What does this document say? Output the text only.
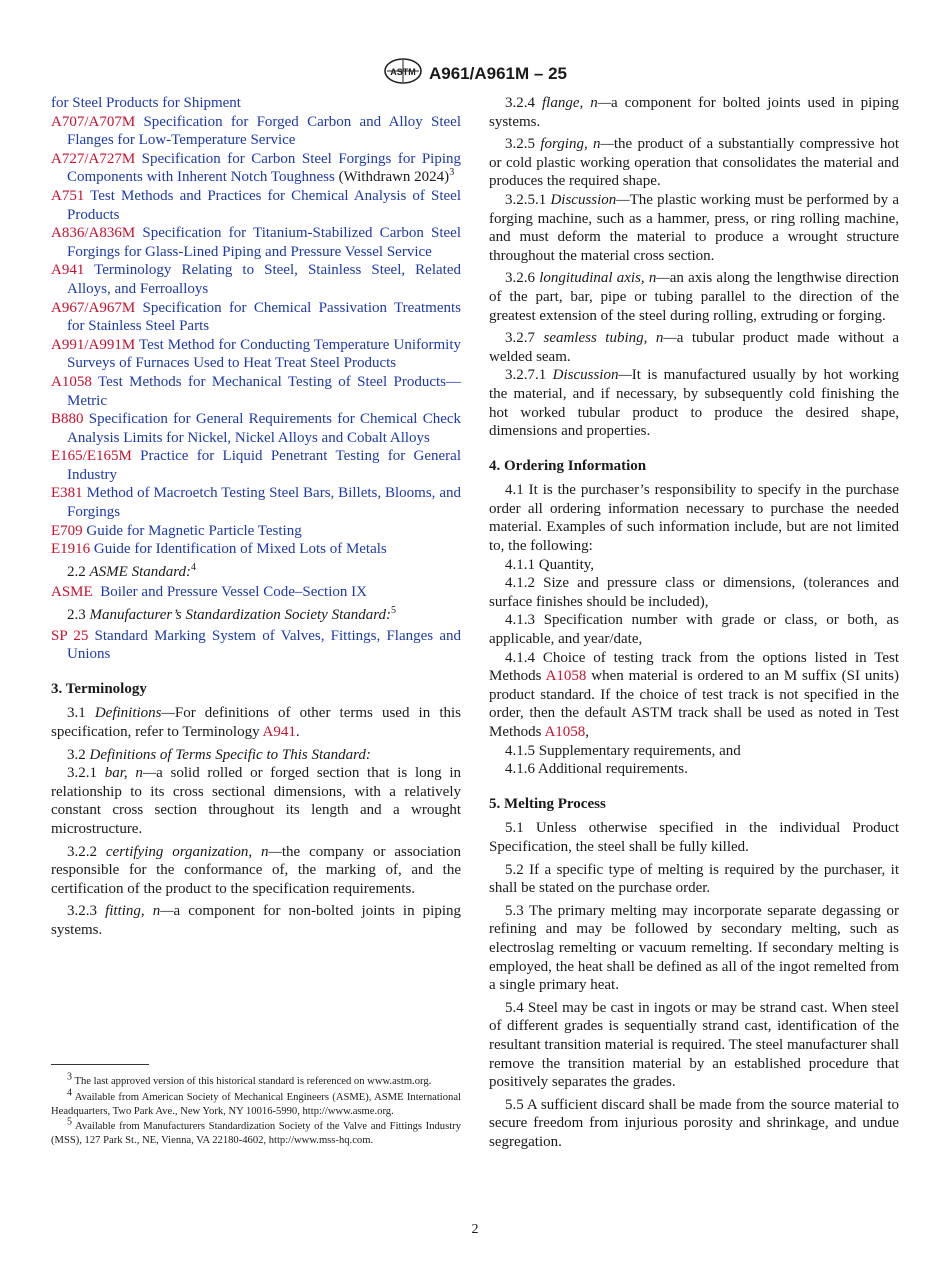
ASTM A961/A961M – 25
for Steel Products for Shipment
A707/A707M Specification for Forged Carbon and Alloy Steel Flanges for Low-Temperature Service
A727/A727M Specification for Carbon Steel Forgings for Piping Components with Inherent Notch Toughness (Withdrawn 2024)$^3$
A751 Test Methods and Practices for Chemical Analysis of Steel Products
A836/A836M Specification for Titanium-Stabilized Carbon Steel Forgings for Glass-Lined Piping and Pressure Vessel Service
A941 Terminology Relating to Steel, Stainless Steel, Related Alloys, and Ferroalloys
A967/A967M Specification for Chemical Passivation Treatments for Stainless Steel Parts
A991/A991M Test Method for Conducting Temperature Uniformity Surveys of Furnaces Used to Heat Treat Steel Products
A1058 Test Methods for Mechanical Testing of Steel Products—Metric
B880 Specification for General Requirements for Chemical Check Analysis Limits for Nickel, Nickel Alloys and Cobalt Alloys
E165/E165M Practice for Liquid Penetrant Testing for General Industry
E381 Method of Macroetch Testing Steel Bars, Billets, Blooms, and Forgings
E709 Guide for Magnetic Particle Testing
E1916 Guide for Identification of Mixed Lots of Metals
2.2 ASME Standard:$^4$
ASME Boiler and Pressure Vessel Code–Section IX
2.3 Manufacturer’s Standardization Society Standard:$^5$
SP 25 Standard Marking System of Valves, Fittings, Flanges and Unions
3. Terminology
3.1 Definitions—For definitions of other terms used in this specification, refer to Terminology A941.
3.2 Definitions of Terms Specific to This Standard:
3.2.1 bar, n—a solid rolled or forged section that is long in relationship to its cross sectional dimensions, with a relatively constant cross section throughout its length and a wrought microstructure.
3.2.2 certifying organization, n—the company or association responsible for the conformance of, the marking of, and the certification of the product to the specification requirements.
3.2.3 fitting, n—a component for non-bolted joints in piping systems.
$^3$ The last approved version of this historical standard is referenced on www.astm.org.
$^4$ Available from American Society of Mechanical Engineers (ASME), ASME International Headquarters, Two Park Ave., New York, NY 10016-5990, http://www.asme.org.
$^5$ Available from Manufacturers Standardization Society of the Valve and Fittings Industry (MSS), 127 Park St., NE, Vienna, VA 22180-4602, http://www.mss-hq.com.
3.2.4 flange, n—a component for bolted joints used in piping systems.
3.2.5 forging, n—the product of a substantially compressive hot or cold plastic working operation that consolidates the material and produces the required shape.
3.2.5.1 Discussion—The plastic working must be performed by a forging machine, such as a hammer, press, or ring rolling machine, and must deform the material to produce a wrought structure throughout the material cross section.
3.2.6 longitudinal axis, n—an axis along the lengthwise direction of the part, bar, pipe or tubing parallel to the direction of the greatest extension of the steel during rolling, extruding or forging.
3.2.7 seamless tubing, n—a tubular product made without a welded seam.
3.2.7.1 Discussion—It is manufactured usually by hot working the material, and if necessary, by subsequently cold finishing the hot worked tubular product to produce the desired shape, dimensions and properties.
4. Ordering Information
4.1 It is the purchaser’s responsibility to specify in the purchase order all ordering information necessary to purchase the needed material. Examples of such information include, but are not limited to, the following:
4.1.1 Quantity,
4.1.2 Size and pressure class or dimensions, (tolerances and surface finishes should be included),
4.1.3 Specification number with grade or class, or both, as applicable, and year/date,
4.1.4 Choice of testing track from the options listed in Test Methods A1058 when material is ordered to an M suffix (SI units) product standard. If the choice of test track is not specified in the order, then the default ASTM track shall be used as noted in Test Methods A1058,
4.1.5 Supplementary requirements, and
4.1.6 Additional requirements.
5. Melting Process
5.1 Unless otherwise specified in the individual Product Specification, the steel shall be fully killed.
5.2 If a specific type of melting is required by the purchaser, it shall be stated on the purchase order.
5.3 The primary melting may incorporate separate degassing or refining and may be followed by secondary melting, such as electroslag remelting or vacuum remelting. If secondary melting is employed, the heat shall be defined as all of the ingot remelted from a single primary heat.
5.4 Steel may be cast in ingots or may be strand cast. When steel of different grades is sequentially strand cast, identification of the resultant transition material is required. The steel manufacturer shall remove the transition material by an established procedure that positively separates the grades.
5.5 A sufficient discard shall be made from the source material to secure freedom from injurious porosity and shrinkage, and undue segregation.
2
